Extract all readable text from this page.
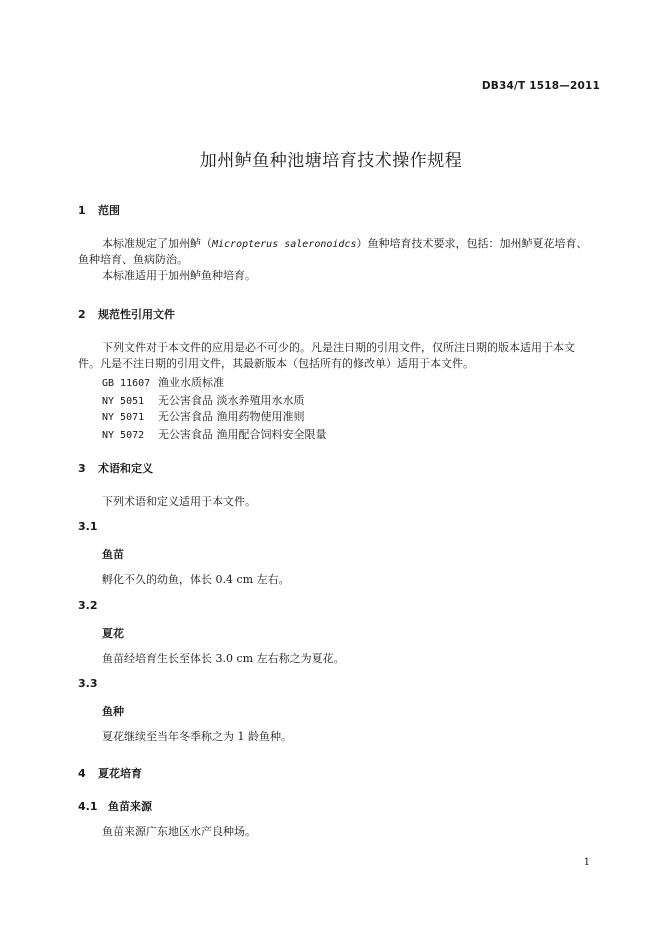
DB34/T 1518—2011
加州鲈鱼种池塘培育技术操作规程
1 范围
本标准规定了加州鲈（Micropterus saleronoidcs）鱼种培育技术要求，包括：加州鲈夏花培育、
鱼种培育、鱼病防治。
本标准适用于加州鲈鱼种培育。
2 规范性引用文件
下列文件对于本文件的应用是必不可少的。凡是注日期的引用文件，仅所注日期的版本适用于本文
件。凡是不注日期的引用文件，其最新版本（包括所有的修改单）适用于本文件。
GB 11607 渔业水质标准
NY 5051 无公害食品 淡水养殖用水水质
NY 5071 无公害食品 渔用药物使用准则
NY 5072 无公害食品 渔用配合饲料安全限量
3 术语和定义
下列术语和定义适用于本文件。
3.1
鱼苗
孵化不久的幼鱼，体长 0.4 cm 左右。
3.2
夏花
鱼苗经培育生长至体长 3.0 cm 左右称之为夏花。
3.3
鱼种
夏花继续至当年冬季称之为 1 龄鱼种。
4 夏花培育
4.1 鱼苗来源
鱼苗来源广东地区水产良种场。
1
